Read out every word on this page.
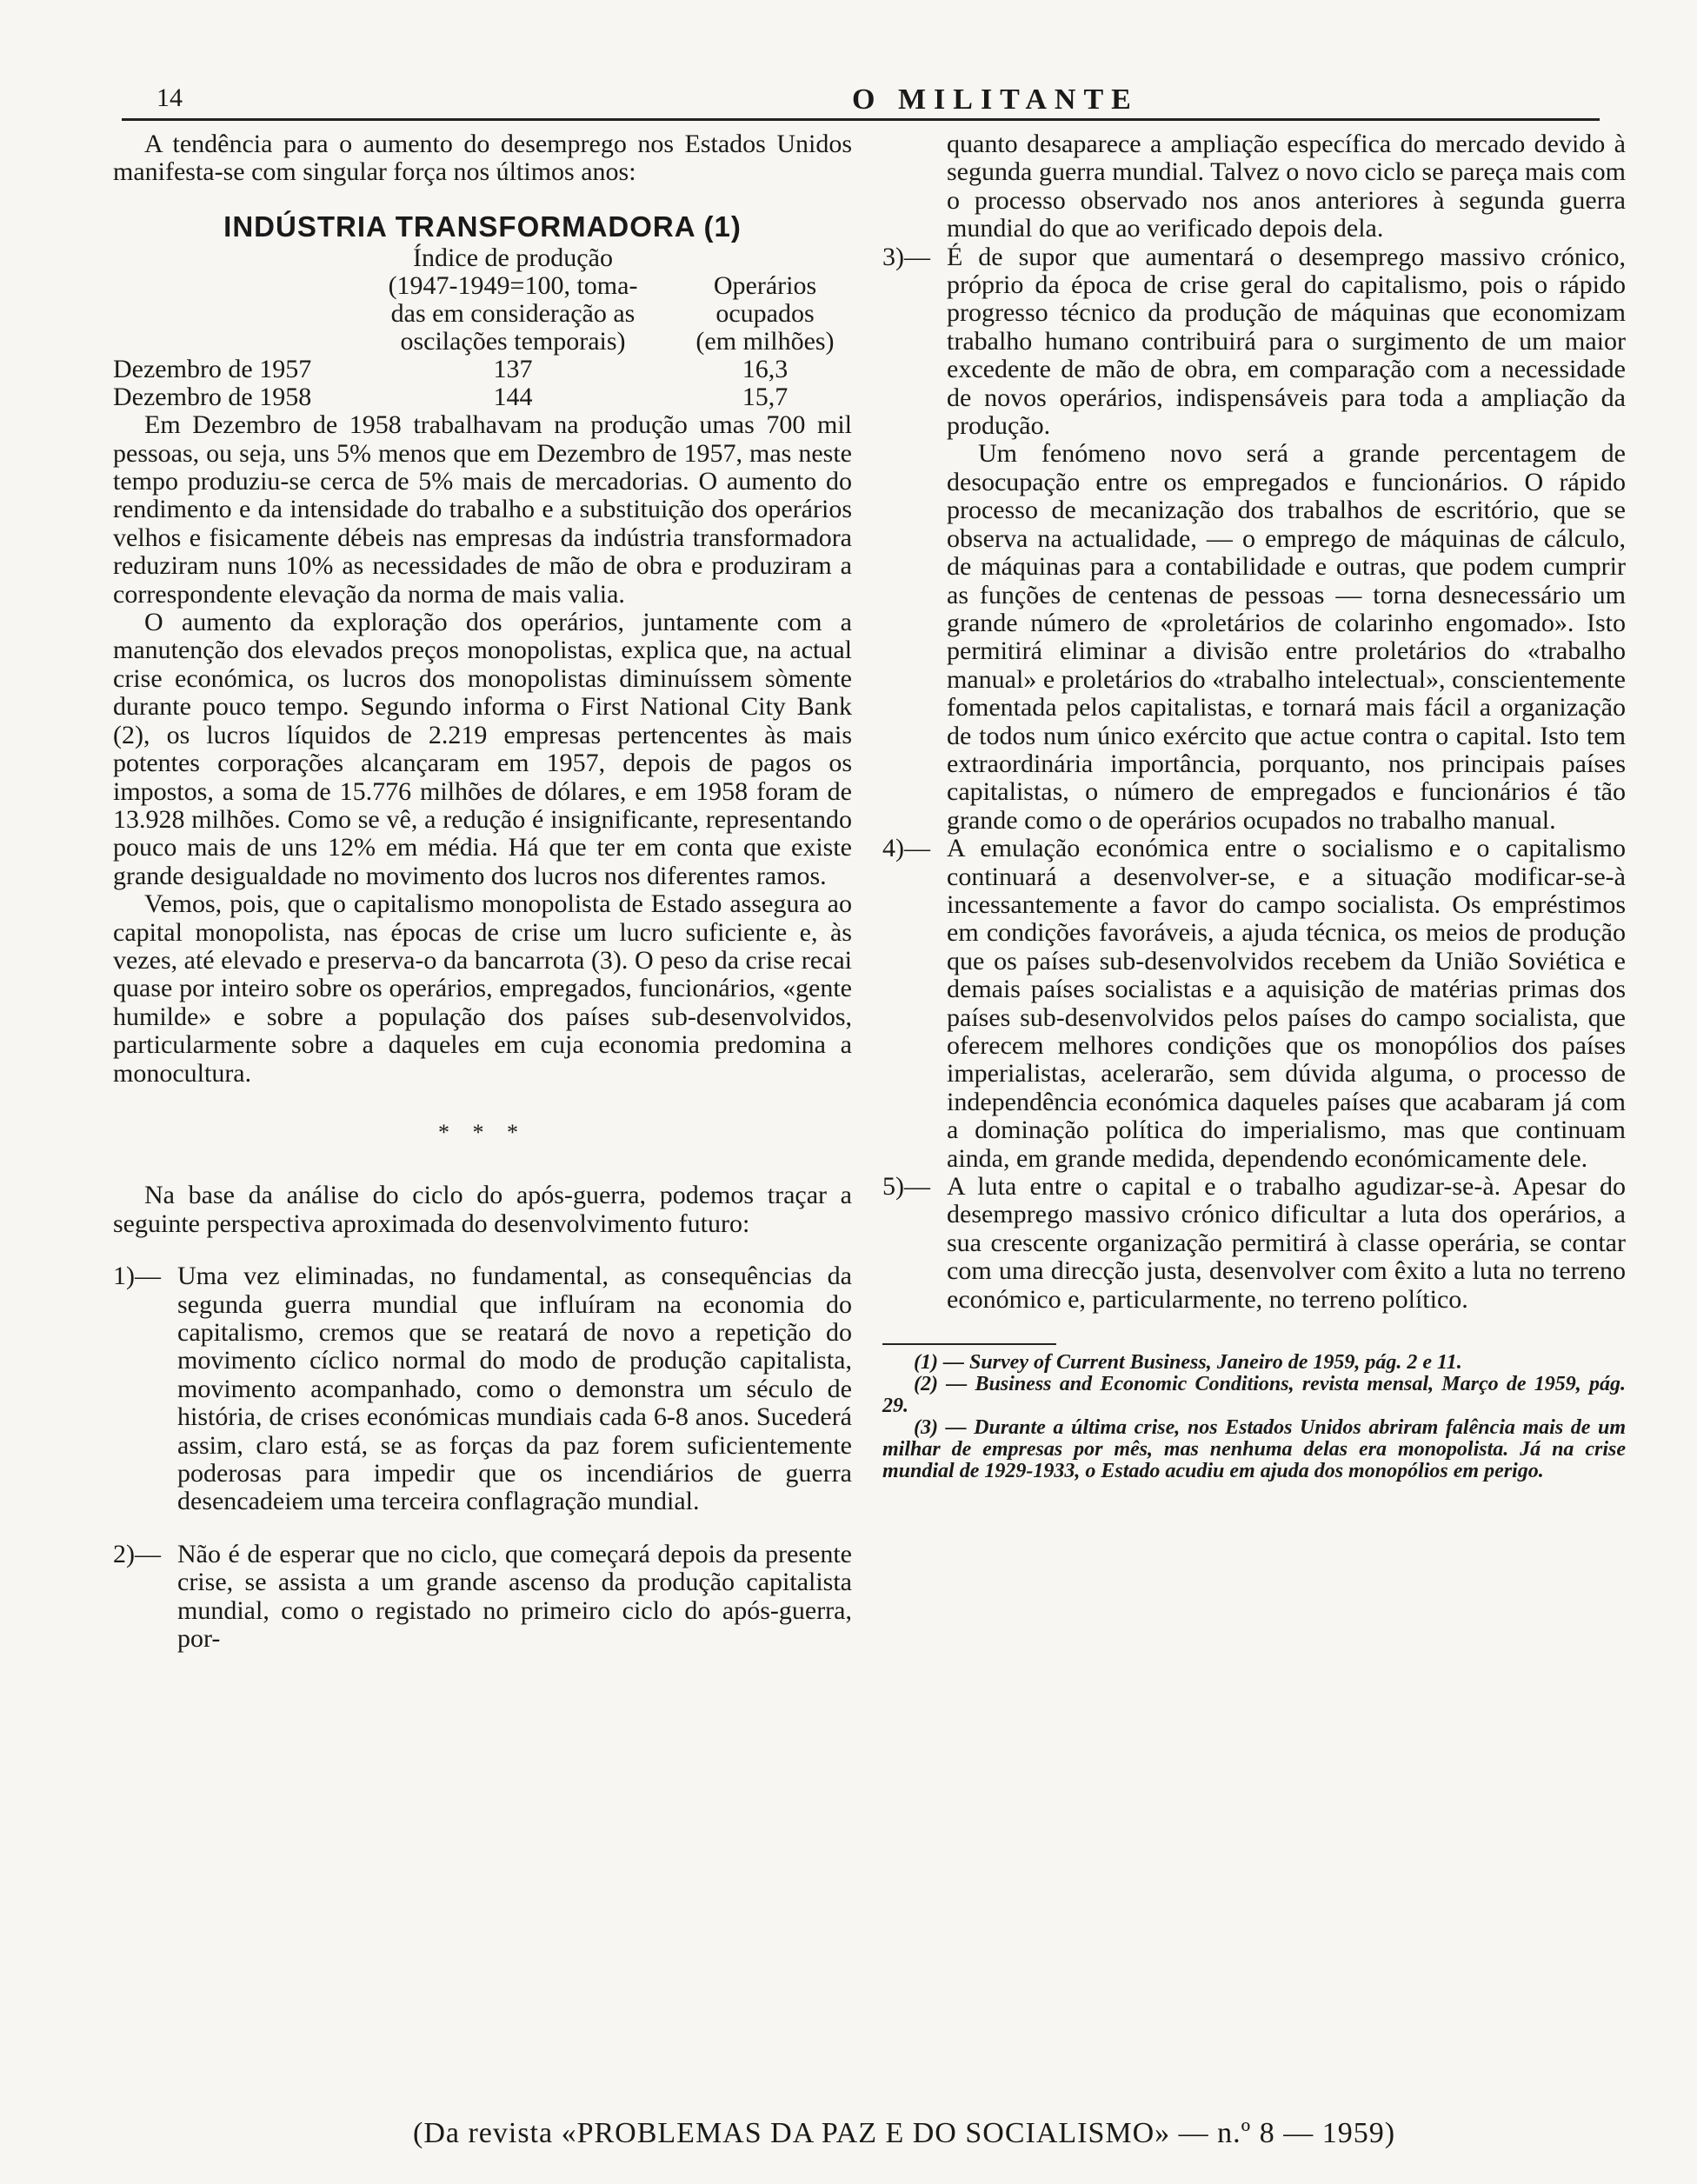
14	O MILITANTE

A tendência para o aumento do desemprego nos Estados Unidos manifesta-se com singular força nos últimos anos:

INDÚSTRIA TRANSFORMADORA (1)
	Índice de produção	
	(1947-1949=100, toma-	Operários
	das em consideração as	ocupados
	oscilações temporais)	(em milhões)
Dezembro de 1957	137	16,3
Dezembro de 1958	144	15,7

Em Dezembro de 1958 trabalhavam na produção umas 700 mil pessoas, ou seja, uns 5% menos que em Dezembro de 1957, mas neste tempo produziu-se cerca de 5% mais de mercadorias. O aumento do rendimento e da intensidade do trabalho e a substituição dos operários velhos e fisicamente débeis nas empresas da indústria transformadora reduziram nuns 10% as necessidades de mão de obra e produziram a correspondente elevação da norma de mais valia.

O aumento da exploração dos operários, juntamente com a manutenção dos elevados preços monopolistas, explica que, na actual crise económica, os lucros dos monopolistas diminuíssem sòmente durante pouco tempo. Segundo informa o First National City Bank (2), os lucros líquidos de 2.219 empresas pertencentes às mais potentes corporações alcançaram em 1957, depois de pagos os impostos, a soma de 15.776 milhões de dólares, e em 1958 foram de 13.928 milhões. Como se vê, a redução é insignificante, representando pouco mais de uns 12% em média. Há que ter em conta que existe grande desigualdade no movimento dos lucros nos diferentes ramos.

Vemos, pois, que o capitalismo monopolista de Estado assegura ao capital monopolista, nas épocas de crise um lucro suficiente e, às vezes, até elevado e preserva-o da bancarrota (3). O peso da crise recai quase por inteiro sobre os operários, empregados, funcionários, «gente humilde» e sobre a população dos países sub-desenvolvidos, particularmente sobre a daqueles em cuja economia predomina a monocultura.

* * *

Na base da análise do ciclo do após-guerra, podemos traçar a seguinte perspectiva aproximada do desenvolvimento futuro:

1)— Uma vez eliminadas, no fundamental, as consequências da segunda guerra mundial que influíram na economia do capitalismo, cremos que se reatará de novo a repetição do movimento cíclico normal do modo de produção capitalista, movimento acompanhado, como o demonstra um século de história, de crises económicas mundiais cada 6-8 anos. Sucederá assim, claro está, se as forças da paz forem suficientemente poderosas para impedir que os incendiários de guerra desencadeiem uma terceira conflagração mundial.
2)— Não é de esperar que no ciclo, que começará depois da presente crise, se assista a um grande ascenso da produção capitalista mundial, como o registado no primeiro ciclo do após-guerra, por-

quanto desaparece a ampliação específica do mercado devido à segunda guerra mundial. Talvez o novo ciclo se pareça mais com o processo observado nos anos anteriores à segunda guerra mundial do que ao verificado depois dela.

3)— É de supor que aumentará o desemprego massivo crónico, próprio da época de crise geral do capitalismo, pois o rápido progresso técnico da produção de máquinas que economizam trabalho humano contribuirá para o surgimento de um maior excedente de mão de obra, em comparação com a necessidade de novos operários, indispensáveis para toda a ampliação da produção.

Um fenómeno novo será a grande percentagem de desocupação entre os empregados e funcionários. O rápido processo de mecanização dos trabalhos de escritório, que se observa na actualidade, — o emprego de máquinas de cálculo, de máquinas para a contabilidade e outras, que podem cumprir as funções de centenas de pessoas — torna desnecessário um grande número de «proletários de colarinho engomado». Isto permitirá eliminar a divisão entre proletários do «trabalho manual» e proletários do «trabalho intelectual», conscientemente fomentada pelos capitalistas, e tornará mais fácil a organização de todos num único exército que actue contra o capital. Isto tem extraordinária importância, porquanto, nos principais países capitalistas, o número de empregados e funcionários é tão grande como o de operários ocupados no trabalho manual.

4)— A emulação económica entre o socialismo e o capitalismo continuará a desenvolver-se, e a situação modificar-se-à incessantemente a favor do campo socialista. Os empréstimos em condições favoráveis, a ajuda técnica, os meios de produção que os países sub-desenvolvidos recebem da União Soviética e demais países socialistas e a aquisição de matérias primas dos países sub-desenvolvidos pelos países do campo socialista, que oferecem melhores condições que os monopólios dos países imperialistas, acelerarão, sem dúvida alguma, o processo de independência económica daqueles países que acabaram já com a dominação política do imperialismo, mas que continuam ainda, em grande medida, dependendo económicamente dele.
5)— A luta entre o capital e o trabalho agudizar-se-à. Apesar do desemprego massivo crónico dificultar a luta dos operários, a sua crescente organização permitirá à classe operária, se contar com uma direcção justa, desenvolver com êxito a luta no terreno económico e, particularmente, no terreno político.

(1) — Survey of Current Business, Janeiro de 1959, pág. 2 e 11.

(2) — Business and Economic Conditions, revista mensal, Março de 1959, pág. 29.

(3) — Durante a última crise, nos Estados Unidos abriram falência mais de um milhar de empresas por mês, mas nenhuma delas era monopolista. Já na crise mundial de 1929-1933, o Estado acudiu em ajuda dos monopólios em perigo.

(Da revista «PROBLEMAS DA PAZ E DO SOCIALISMO» — n.º 8 — 1959)
